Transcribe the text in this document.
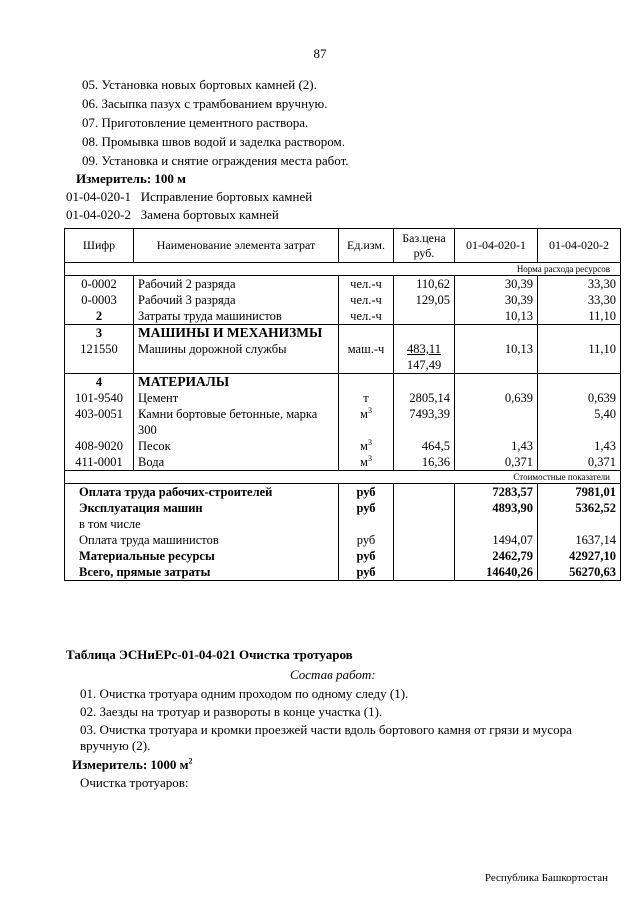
87
05. Установка новых бортовых камней (2).
06. Засыпка пазух с трамбованием вручную.
07. Приготовление цементного раствора.
08. Промывка швов водой и заделка раствором.
09. Установка и снятие ограждения места работ.
Измеритель: 100 м
01-04-020-1 Исправление бортовых камней
01-04-020-2 Замена бортовых камней
Шифр	Наименование элемента затрат	Ед.изм.	Баз.цена руб.	01-04-020-1	01-04-020-2
Норма расхода ресурсов					
0-0002	Рабочий 2 разряда	чел.-ч	110,62	30,39	33,30
0-0003	Рабочий 3 разряда	чел.-ч	129,05	30,39	33,30
2	Затраты труда машинистов	чел.-ч		10,13	11,10
3	МАШИНЫ И МЕХАНИЗМЫ				
121550	Машины дорожной службы	маш.-ч	483,11	10,13	11,10
			147,49		
4	МАТЕРИАЛЫ				
101-9540	Цемент	т	2805,14	0,639	0,639
403-0051	Камни бортовые бетонные, марка	$м^3$	7493,39		5,40
	300				
408-9020	Песок	$м^3$	464,5	1,43	1,43
411-0001	Вода	$м^3$	16,36	0,371	0,371
Стоимостные показатели					
Оплата труда рабочих-строителей		руб		7283,57	7981,01
Эксплуатация машин		руб		4893,90	5362,52
в том числе					
Оплата труда машинистов		руб		1494,07	1637,14
Материальные ресурсы		руб		2462,79	42927,10
Всего, прямые затраты		руб		14640,26	56270,63
Таблица ЭСНиЕРс-01-04-021 Очистка тротуаров
Состав работ:
01. Очистка тротуара одним проходом по одному следу (1).
02. Заезды на тротуар и развороты в конце участка (1).
03. Очистка тротуара и кромки проезжей части вдоль бортового камня от грязи и мусора
вручную (2).
Измеритель: 1000 $м^2$
Очистка тротуаров:
Республика Башкортостан
